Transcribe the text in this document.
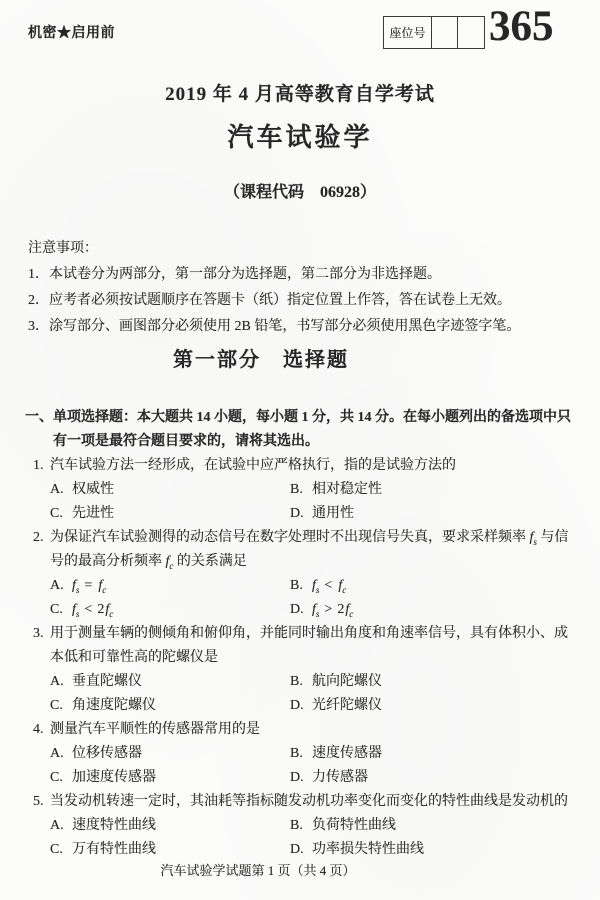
机密★启用前	座位号 365
2019 年 4 月高等教育自学考试
汽车试验学
（课程代码　06928）
注意事项：
1．本试卷分为两部分，第一部分为选择题，第二部分为非选择题。
2．应考者必须按试题顺序在答题卡（纸）指定位置上作答，答在试卷上无效。
3．涂写部分、画图部分必须使用 2B 铅笔，书写部分必须使用黑色字迹签字笔。
第一部分　选择题
一、单项选择题：本大题共 14 小题，每小题 1 分，共 14 分。在每小题列出的备选项中只有一项是最符合题目要求的，请将其选出。
1. 汽车试验方法一经形成，在试验中应严格执行，指的是试验方法的
A. 权威性	B. 相对稳定性
C. 先进性	D. 通用性
2. 为保证汽车试验测得的动态信号在数字处理时不出现信号失真，要求采样频率 $f_s$ 与信号的最高分析频率 $f_c$ 的关系满足
A. $f_s = f_c$	B. $f_s < f_c$
C. $f_s < 2f_c$	D. $f_s > 2f_c$
3. 用于测量车辆的侧倾角和俯仰角，并能同时输出角度和角速率信号，具有体积小、成本低和可靠性高的陀螺仪是
A. 垂直陀螺仪	B. 航向陀螺仪
C. 角速度陀螺仪	D. 光纤陀螺仪
4. 测量汽车平顺性的传感器常用的是
A. 位移传感器	B. 速度传感器
C. 加速度传感器	D. 力传感器
5. 当发动机转速一定时，其油耗等指标随发动机功率变化而变化的特性曲线是发动机的
A. 速度特性曲线	B. 负荷特性曲线
C. 万有特性曲线	D. 功率损失特性曲线
汽车试验学试题第 1 页（共 4 页）
